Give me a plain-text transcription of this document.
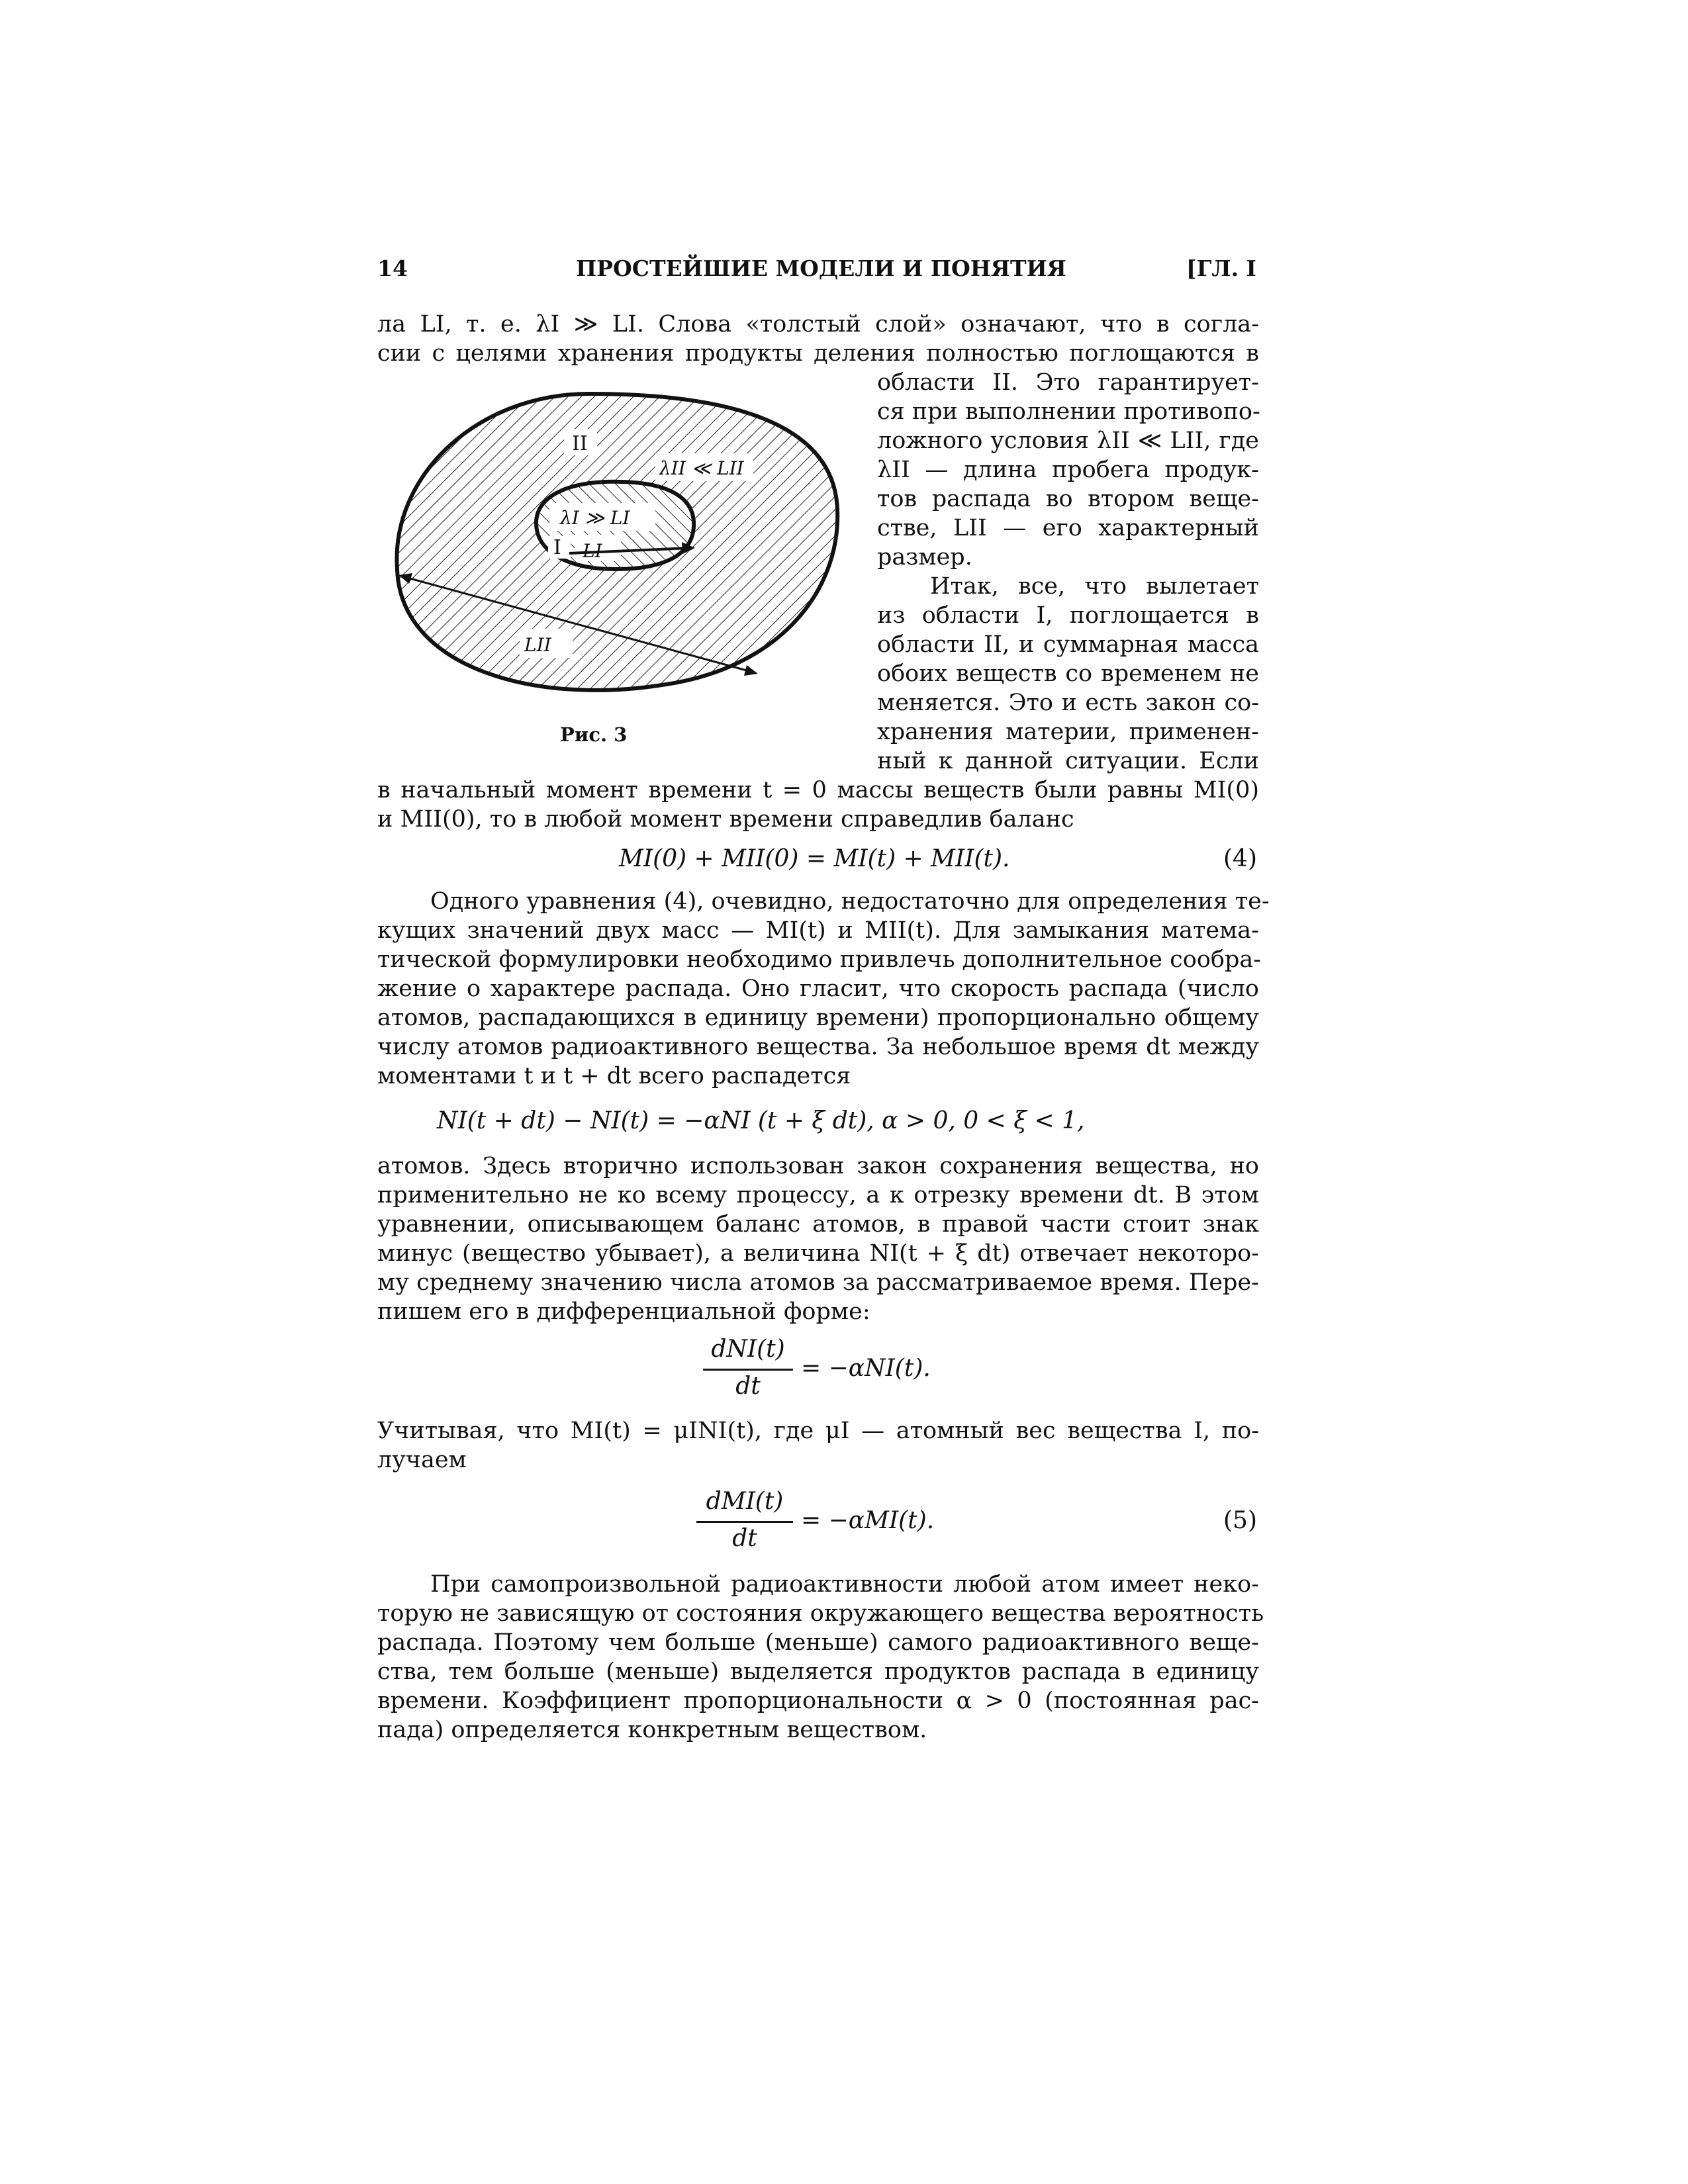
14	ПРОСТЕЙШИЕ МОДЕЛИ И ПОНЯТИЯ	[ГЛ. I
ла LI, т. е. λI ≫ LI. Слова «толстый слой» означают, что в согла-
сии с целями хранения продукты деления полностью поглощаются в
II
λII ≪ LII
λI ≫ LI
I LI
LII
Рис. 3
области II. Это гарантирует-
ся при выполнении противопо-
ложного условия λII ≪ LII, где
λII — длина пробега продук-
тов распада во втором веще-
стве, LII — его характерный
размер.
Итак, все, что вылетает
из области I, поглощается в
области II, и суммарная масса
обоих веществ со временем не
меняется. Это и есть закон со-
хранения материи, применен-
ный к данной ситуации. Если
в начальный момент времени t = 0 массы веществ были равны MI(0)
и MII(0), то в любой момент времени справедлив баланс
MI(0) + MII(0) = MI(t) + MII(t).	(4)
Одного уравнения (4), очевидно, недостаточно для определения те-
кущих значений двух масс — MI(t) и MII(t). Для замыкания матема-
тической формулировки необходимо привлечь дополнительное сообра-
жение о характере распада. Оно гласит, что скорость распада (число
атомов, распадающихся в единицу времени) пропорционально общему
числу атомов радиоактивного вещества. За небольшое время dt между
моментами t и t + dt всего распадется
NI(t + dt) − NI(t) = −αNI (t + ξ dt), α > 0, 0 < ξ < 1,
атомов. Здесь вторично использован закон сохранения вещества, но
применительно не ко всему процессу, а к отрезку времени dt. В этом
уравнении, описывающем баланс атомов, в правой части стоит знак
минус (вещество убывает), а величина NI(t + ξ dt) отвечает некоторо-
му среднему значению числа атомов за рассматриваемое время. Пере-
пишем его в дифференциальной форме:
dNI(t)
dt
= −αNI(t).
Учитывая, что MI(t) = μINI(t), где μI — атомный вес вещества I, по-
лучаем
dMI(t)
dt
= −αMI(t).	(5)
При самопроизвольной радиоактивности любой атом имеет неко-
торую не зависящую от состояния окружающего вещества вероятность
распада. Поэтому чем больше (меньше) самого радиоактивного веще-
ства, тем больше (меньше) выделяется продуктов распада в единицу
времени. Коэффициент пропорциональности α > 0 (постоянная рас-
пада) определяется конкретным веществом.
